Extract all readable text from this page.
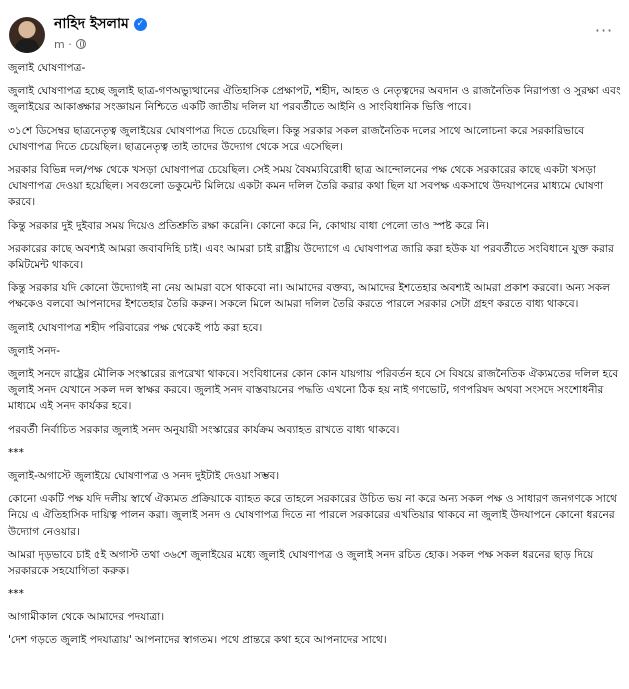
নাহিদ ইসলাম ✓
m ·
···

জুলাই ঘোষণাপত্র-

জুলাই ঘোষণাপত্র হচ্ছে জুলাই ছাত্র-গণঅভ্যুত্থানের ঐতিহাসিক প্রেক্ষাপট, শহীদ, আহত ও নেতৃত্বদের অবদান ও রাজনৈতিক নিরাপত্তা ও সুরক্ষা এবং জুলাইয়ের আকাঙ্ক্ষার সংজ্ঞায়ন নিশ্চিতে একটি জাতীয় দলিল যা পরবর্তীতে আইনি ও সাংবিধানিক ভিত্তি পাবে।

৩১শে ডিসেম্বর ছাত্রনেতৃত্ব জুলাইয়ের ঘোষণাপত্র দিতে চেয়েছিল। কিন্তু সরকার সকল রাজনৈতিক দলের সাথে আলোচনা করে সরকারিভাবে ঘোষণাপত্র দিতে চেয়েছিল। ছাত্রনেতৃত্ব তাই তাদের উদ্যোগ থেকে সরে এসেছিল।

সরকার বিভিন্ন দল/পক্ষ থেকে খসড়া ঘোষণাপত্র চেয়েছিল। সেই সময় বৈষম্যবিরোধী ছাত্র আন্দোলনের পক্ষ থেকে সরকারের কাছে একটা খসড়া ঘোষণাপত্র দেওয়া হয়েছিল। সবগুলো ডকুমেন্ট মিলিয়ে একটা কমন দলিল তৈরি করার কথা ছিল যা সবপক্ষ একসাথে উদযাপনের মাধ্যমে ঘোষণা করবে।

কিন্তু সরকার দুই দুইবার সময় দিয়েও প্রতিশ্রুতি রক্ষা করেনি। কোনো করে নি, কোথায় বাধা পেলো তাও স্পষ্ট করে নি।

সরকারের কাছে অবশ্যই আমরা জবাবদিহি চাই। এবং আমরা চাই রাষ্ট্রীয় উদ্যোগে এ ঘোষণাপত্র জারি করা হউক যা পরবর্তীতে সংবিধানে যুক্ত করার কমিটমেন্ট থাকবে।

কিন্তু সরকার যদি কোনো উদ্যোগই না নেয় আমরা বসে থাকবো না। আমাদের বক্তব্য, আমাদের ইশতেহার অবশ্যই আমরা প্রকাশ করবো। অন্য সকল পক্ষকেও বলবো আপনাদের ইশতেহার তৈরি করুন। সকলে মিলে আমরা দলিল তৈরি করতে পারলে সরকার সেটা গ্রহণ করতে বাধ্য থাকবে।

জুলাই ঘোষণাপত্র শহীদ পরিবারের পক্ষ থেকেই পাঠ করা হবে।

জুলাই সনদ-

জুলাই সনদে রাষ্ট্রের মৌলিক সংস্কারের রূপরেখা থাকবে। সংবিধানের কোন কোন যায়গায় পরিবর্তন হবে সে বিষয়ে রাজনৈতিক ঐক্যমতের দলিল হবে জুলাই সনদ যেখানে সকল দল স্বাক্ষর করবে। জুলাই সনদ বাস্তবায়নের পদ্ধতি এখনো ঠিক হয় নাই গণভোট, গণপরিষদ অথবা সংসদে সংশোধনীর মাধ্যমে এই সনদ কার্যকর হবে।

পরবর্তী নির্বাচিত সরকার জুলাই সনদ অনুযায়ী সংস্কারের কার্যক্রম অব্যাহত রাখতে বাধ্য থাকবে।

***

জুলাই-অগাস্টে জুলাইয়ে ঘোষণাপত্র ও সনদ দুইটাই দেওয়া সম্ভব।

কোনো একটি পক্ষ যদি দলীয় স্বার্থে ঐক্যমত প্রক্রিয়াকে ব্যাহত করে তাহলে সরকারের উচিত ভয় না করে অন্য সকল পক্ষ ও সাধারণ জনগণকে সাথে নিয়ে এ ঐতিহাসিক দায়িত্ব পালন করা। জুলাই সনদ ও ঘোষণাপত্র দিতে না পারলে সরকারের এখতিয়ার থাকবে না জুলাই উদযাপনে কোনো ধরনের উদ্যোগ নেওয়ার।

আমরা দৃড়ভাবে চাই ৫ই অগাস্ট তথা ৩৬শে জুলাইয়ের মধ্যে জুলাই ঘোষণাপত্র ও জুলাই সনদ রচিত হোক। সকল পক্ষ সকল ধরনের ছাড় দিয়ে সরকারকে সহযোগিতা করুক।

***

আগামীকাল থেকে আমাদের পদযাত্রা।

'দেশ গড়তে জুলাই পদযাত্রায়' আপনাদের স্বাগতম। পথে প্রান্তরে কথা হবে আপনাদের সাথে।
